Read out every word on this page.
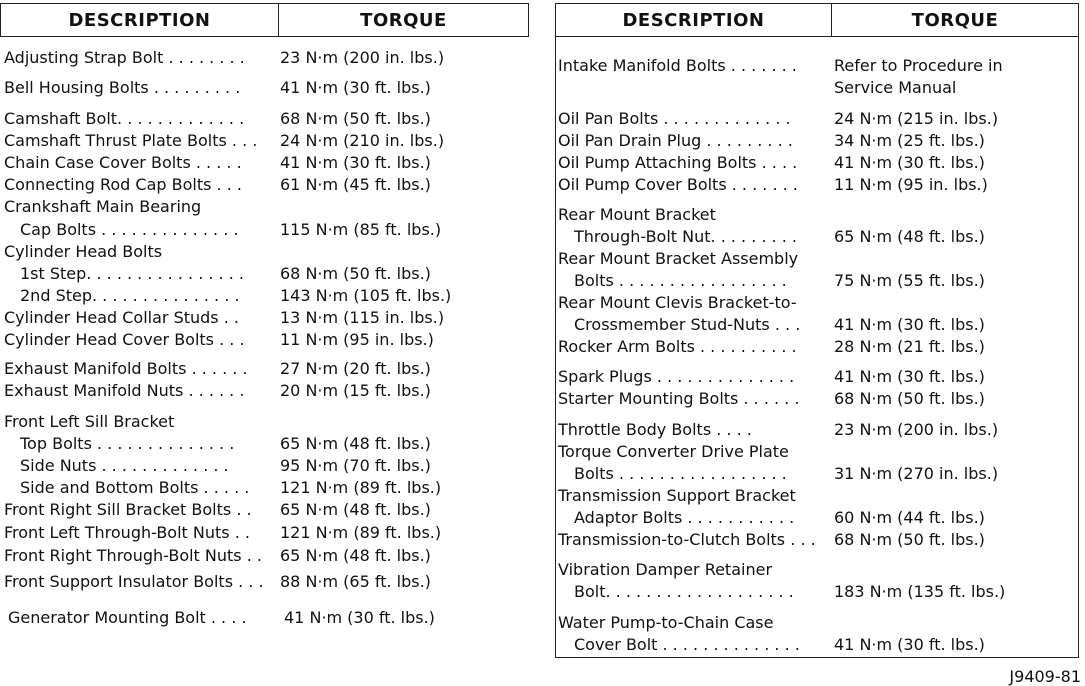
DESCRIPTION	TORQUE
Adjusting Strap Bolt . . . . . . . . 23 N·m (200 in. lbs.)
Bell Housing Bolts . . . . . . . . . 41 N·m (30 ft. lbs.)
Camshaft Bolt. . . . . . . . . . . . . 68 N·m (50 ft. lbs.)
Camshaft Thrust Plate Bolts . . . 24 N·m (210 in. lbs.)
Chain Case Cover Bolts . . . . . 41 N·m (30 ft. lbs.)
Connecting Rod Cap Bolts . . . 61 N·m (45 ft. lbs.)
Crankshaft Main Bearing
Cap Bolts . . . . . . . . . . . . . .	115 N·m (85 ft. lbs.)
Cylinder Head Bolts
1st Step. . . . . . . . . . . . . . . . 68 N·m (50 ft. lbs.)
2nd Step. . . . . . . . . . . . . . .	143 N·m (105 ft. lbs.)
Cylinder Head Collar Studs . .	13 N·m (115 in. lbs.)
Cylinder Head Cover Bolts . . . 11 N·m (95 in. lbs.)
Exhaust Manifold Bolts . . . . . . 27 N·m (20 ft. lbs.)
Exhaust Manifold Nuts . . . . . . 20 N·m (15 ft. lbs.)
Front Left Sill Bracket
Top Bolts . . . . . . . . . . . . . .	65 N·m (48 ft. lbs.)
Side Nuts . . . . . . . . . . . . .	95 N·m (70 ft. lbs.)
Side and Bottom Bolts . . . . . 121 N·m (89 ft. lbs.)
Front Right Sill Bracket Bolts . . 65 N·m (48 ft. lbs.)
Front Left Through-Bolt Nuts . . 121 N·m (89 ft. lbs.)
Front Right Through-Bolt Nuts . . 65 N·m (48 ft. lbs.)
Front Support Insulator Bolts . . . 88 N·m (65 ft. lbs.)
Generator Mounting Bolt . . . . 41 N·m (30 ft. lbs.)
DESCRIPTION	TORQUE
Intake Manifold Bolts . . . . . . . Refer to Procedure in
Service Manual
Oil Pan Bolts . . . . . . . . . . . . .	24 N·m (215 in. lbs.)
Oil Pan Drain Plug . . . . . . . . .	34 N·m (25 ft. lbs.)
Oil Pump Attaching Bolts . . . . 41 N·m (30 ft. lbs.)
Oil Pump Cover Bolts . . . . . . . 11 N·m (95 in. lbs.)
Rear Mount Bracket
Through-Bolt Nut. . . . . . . . . 65 N·m (48 ft. lbs.)
Rear Mount Bracket Assembly
Bolts . . . . . . . . . . . . . . . . .	75 N·m (55 ft. lbs.)
Rear Mount Clevis Bracket-to-
Crossmember Stud-Nuts . . . 41 N·m (30 ft. lbs.)
Rocker Arm Bolts . . . . . . . . . . 28 N·m (21 ft. lbs.)
Spark Plugs . . . . . . . . . . . . . . 41 N·m (30 ft. lbs.)
Starter Mounting Bolts . . . . . . 68 N·m (50 ft. lbs.)
Throttle Body Bolts . . . .	23 N·m (200 in. lbs.)
Torque Converter Drive Plate
Bolts . . . . . . . . . . . . . . . . .	31 N·m (270 in. lbs.)
Transmission Support Bracket
Adaptor Bolts . . . . . . . . . . . 60 N·m (44 ft. lbs.)
Transmission-to-Clutch Bolts . . . 68 N·m (50 ft. lbs.)
Vibration Damper Retainer
Bolt. . . . . . . . . . . . . . . . . . .	183 N·m (135 ft. lbs.)
Water Pump-to-Chain Case
Cover Bolt . . . . . . . . . . . . . . 41 N·m (30 ft. lbs.)
J9409-81
